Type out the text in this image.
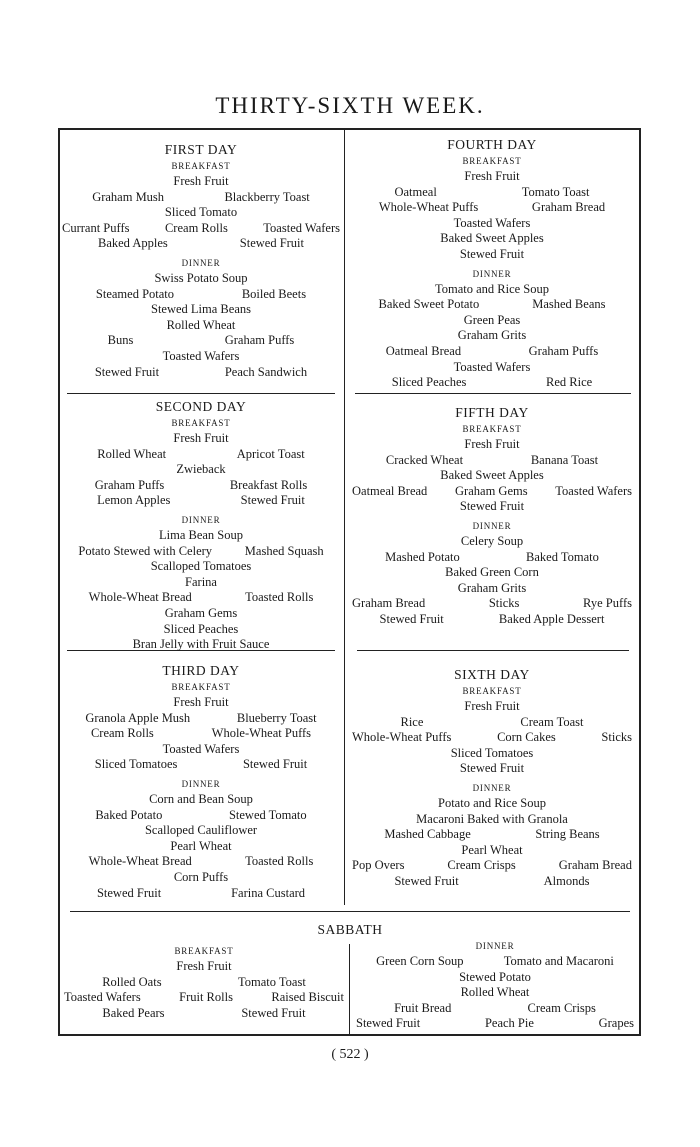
THIRTY-SIXTH WEEK.
FIRST DAY
BREAKFAST
Fresh Fruit
Graham Mush	Blackberry Toast
Sliced Tomato
Currant Puffs	Cream Rolls	Toasted Wafers
Baked Apples	Stewed Fruit
DINNER
Swiss Potato Soup
Steamed Potato	Boiled Beets
Stewed Lima Beans
Rolled Wheat
Buns	Graham Puffs
Toasted Wafers
Stewed Fruit	Peach Sandwich
SECOND DAY
BREAKFAST
Fresh Fruit
Rolled Wheat	Apricot Toast
Zwieback
Graham Puffs	Breakfast Rolls
Lemon Apples	Stewed Fruit
DINNER
Lima Bean Soup
Potato Stewed with Celery	Mashed Squash
Scalloped Tomatoes
Farina
Whole-Wheat Bread	Toasted Rolls
Graham Gems
Sliced Peaches
Bran Jelly with Fruit Sauce
THIRD DAY
BREAKFAST
Fresh Fruit
Granola Apple Mush	Blueberry Toast
Cream Rolls	Whole-Wheat Puffs
Toasted Wafers
Sliced Tomatoes	Stewed Fruit
DINNER
Corn and Bean Soup
Baked Potato	Stewed Tomato
Scalloped Cauliflower
Pearl Wheat
Whole-Wheat Bread	Toasted Rolls
Corn Puffs
Stewed Fruit	Farina Custard
FOURTH DAY
BREAKFAST
Fresh Fruit
Oatmeal	Tomato Toast
Whole-Wheat Puffs	Graham Bread
Toasted Wafers
Baked Sweet Apples
Stewed Fruit
DINNER
Tomato and Rice Soup
Baked Sweet Potato	Mashed Beans
Green Peas
Graham Grits
Oatmeal Bread	Graham Puffs
Toasted Wafers
Sliced Peaches	Red Rice
FIFTH DAY
BREAKFAST
Fresh Fruit
Cracked Wheat	Banana Toast
Baked Sweet Apples
Oatmeal Bread Graham Gems Toasted Wafers
Stewed Fruit
DINNER
Celery Soup
Mashed Potato	Baked Tomato
Baked Green Corn
Graham Grits
Graham Bread	Sticks	Rye Puffs
Stewed Fruit	Baked Apple Dessert
SIXTH DAY
BREAKFAST
Fresh Fruit
Rice	Cream Toast
Whole-Wheat Puffs	Corn Cakes	Sticks
Sliced Tomatoes
Stewed Fruit
DINNER
Potato and Rice Soup
Macaroni Baked with Granola
Mashed Cabbage	String Beans
Pearl Wheat
Pop Overs	Cream Crisps	Graham Bread
Stewed Fruit	Almonds
SABBATH
BREAKFAST
Fresh Fruit
Rolled Oats	Tomato Toast
Toasted Wafers	Fruit Rolls	Raised Biscuit
Baked Pears	Stewed Fruit
DINNER
Green Corn Soup	Tomato and Macaroni
Stewed Potato
Rolled Wheat
Fruit Bread	Cream Crisps
Stewed Fruit	Peach Pie	Grapes
( 522 )
